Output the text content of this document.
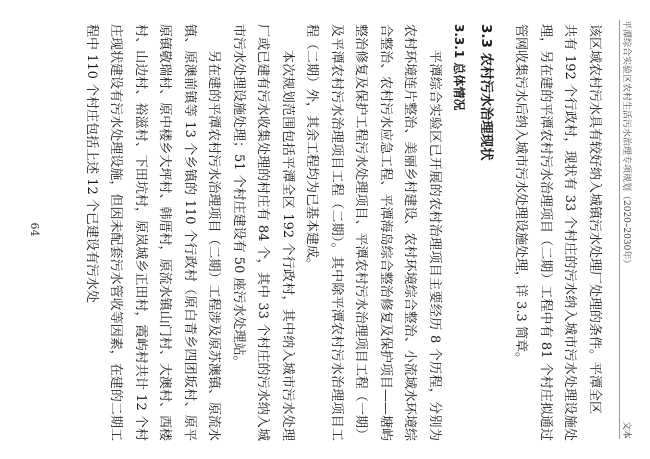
平潭综合实验区农村生活污水治理专项规划（2020–2030年）
文本

该区域农村污水具有较好纳入城镇污水处理厂处理的条件。平潭全区

共有 192 个行政村，现状有 33 个村庄的污水纳入城市污水处理设施处理，另在建的平潭农村污水治理项目（二期）工程中有 81 个村庄拟通过管网收集污水后纳入城市污水处理设施处理，详 3.3 简章。

3.3 农村污水治理现状
3.3.1 总体情况

平潭综合实验区已开展的农村治理项目主要经历 8 个历程，分别为农村环境连片整治、美丽乡村建设、农村环境综合整治、小流域水环境综合整治、农村污水应急工程、平潭海岛综合整治修复及保护项目——塘屿整治修复及保护工程污水处理项目、平潭农村污水治理项目工程（一期）及平潭农村污水治理项目工程（二期）。其中除平潭农村污水治理项目工程（二期）外，其余工程均为已基本建成。

本次规划范围包括平潭全区 192 个行政村，其中纳入城市污水处理厂或已建有污水收集处理的村庄有 84 个，其中 33 个村庄的污水纳入城市污水处理设施处理；51 个村庄建设有 50 座污水处理站。

另在建的平潭农村污水治理项目（二期）工程涉及原苏澳镇、原流水镇、原澳前镇等 13 个乡镇的 110 个行政村（原白青乡四团坂村、原平原镇敬瑞村、原中楼乡大坪村、韩厝村，原流水镇山门村、大澳村、西楼村、山边村、裕滋村、下田坑村，原岚城乡正田村，霞屿村共计 12 个村庄现状建设有污水处理设施，但因未配套污水管收等因素，在建的二期工程中 110 个村庄包括上述 12 个已建设有污水处

64
